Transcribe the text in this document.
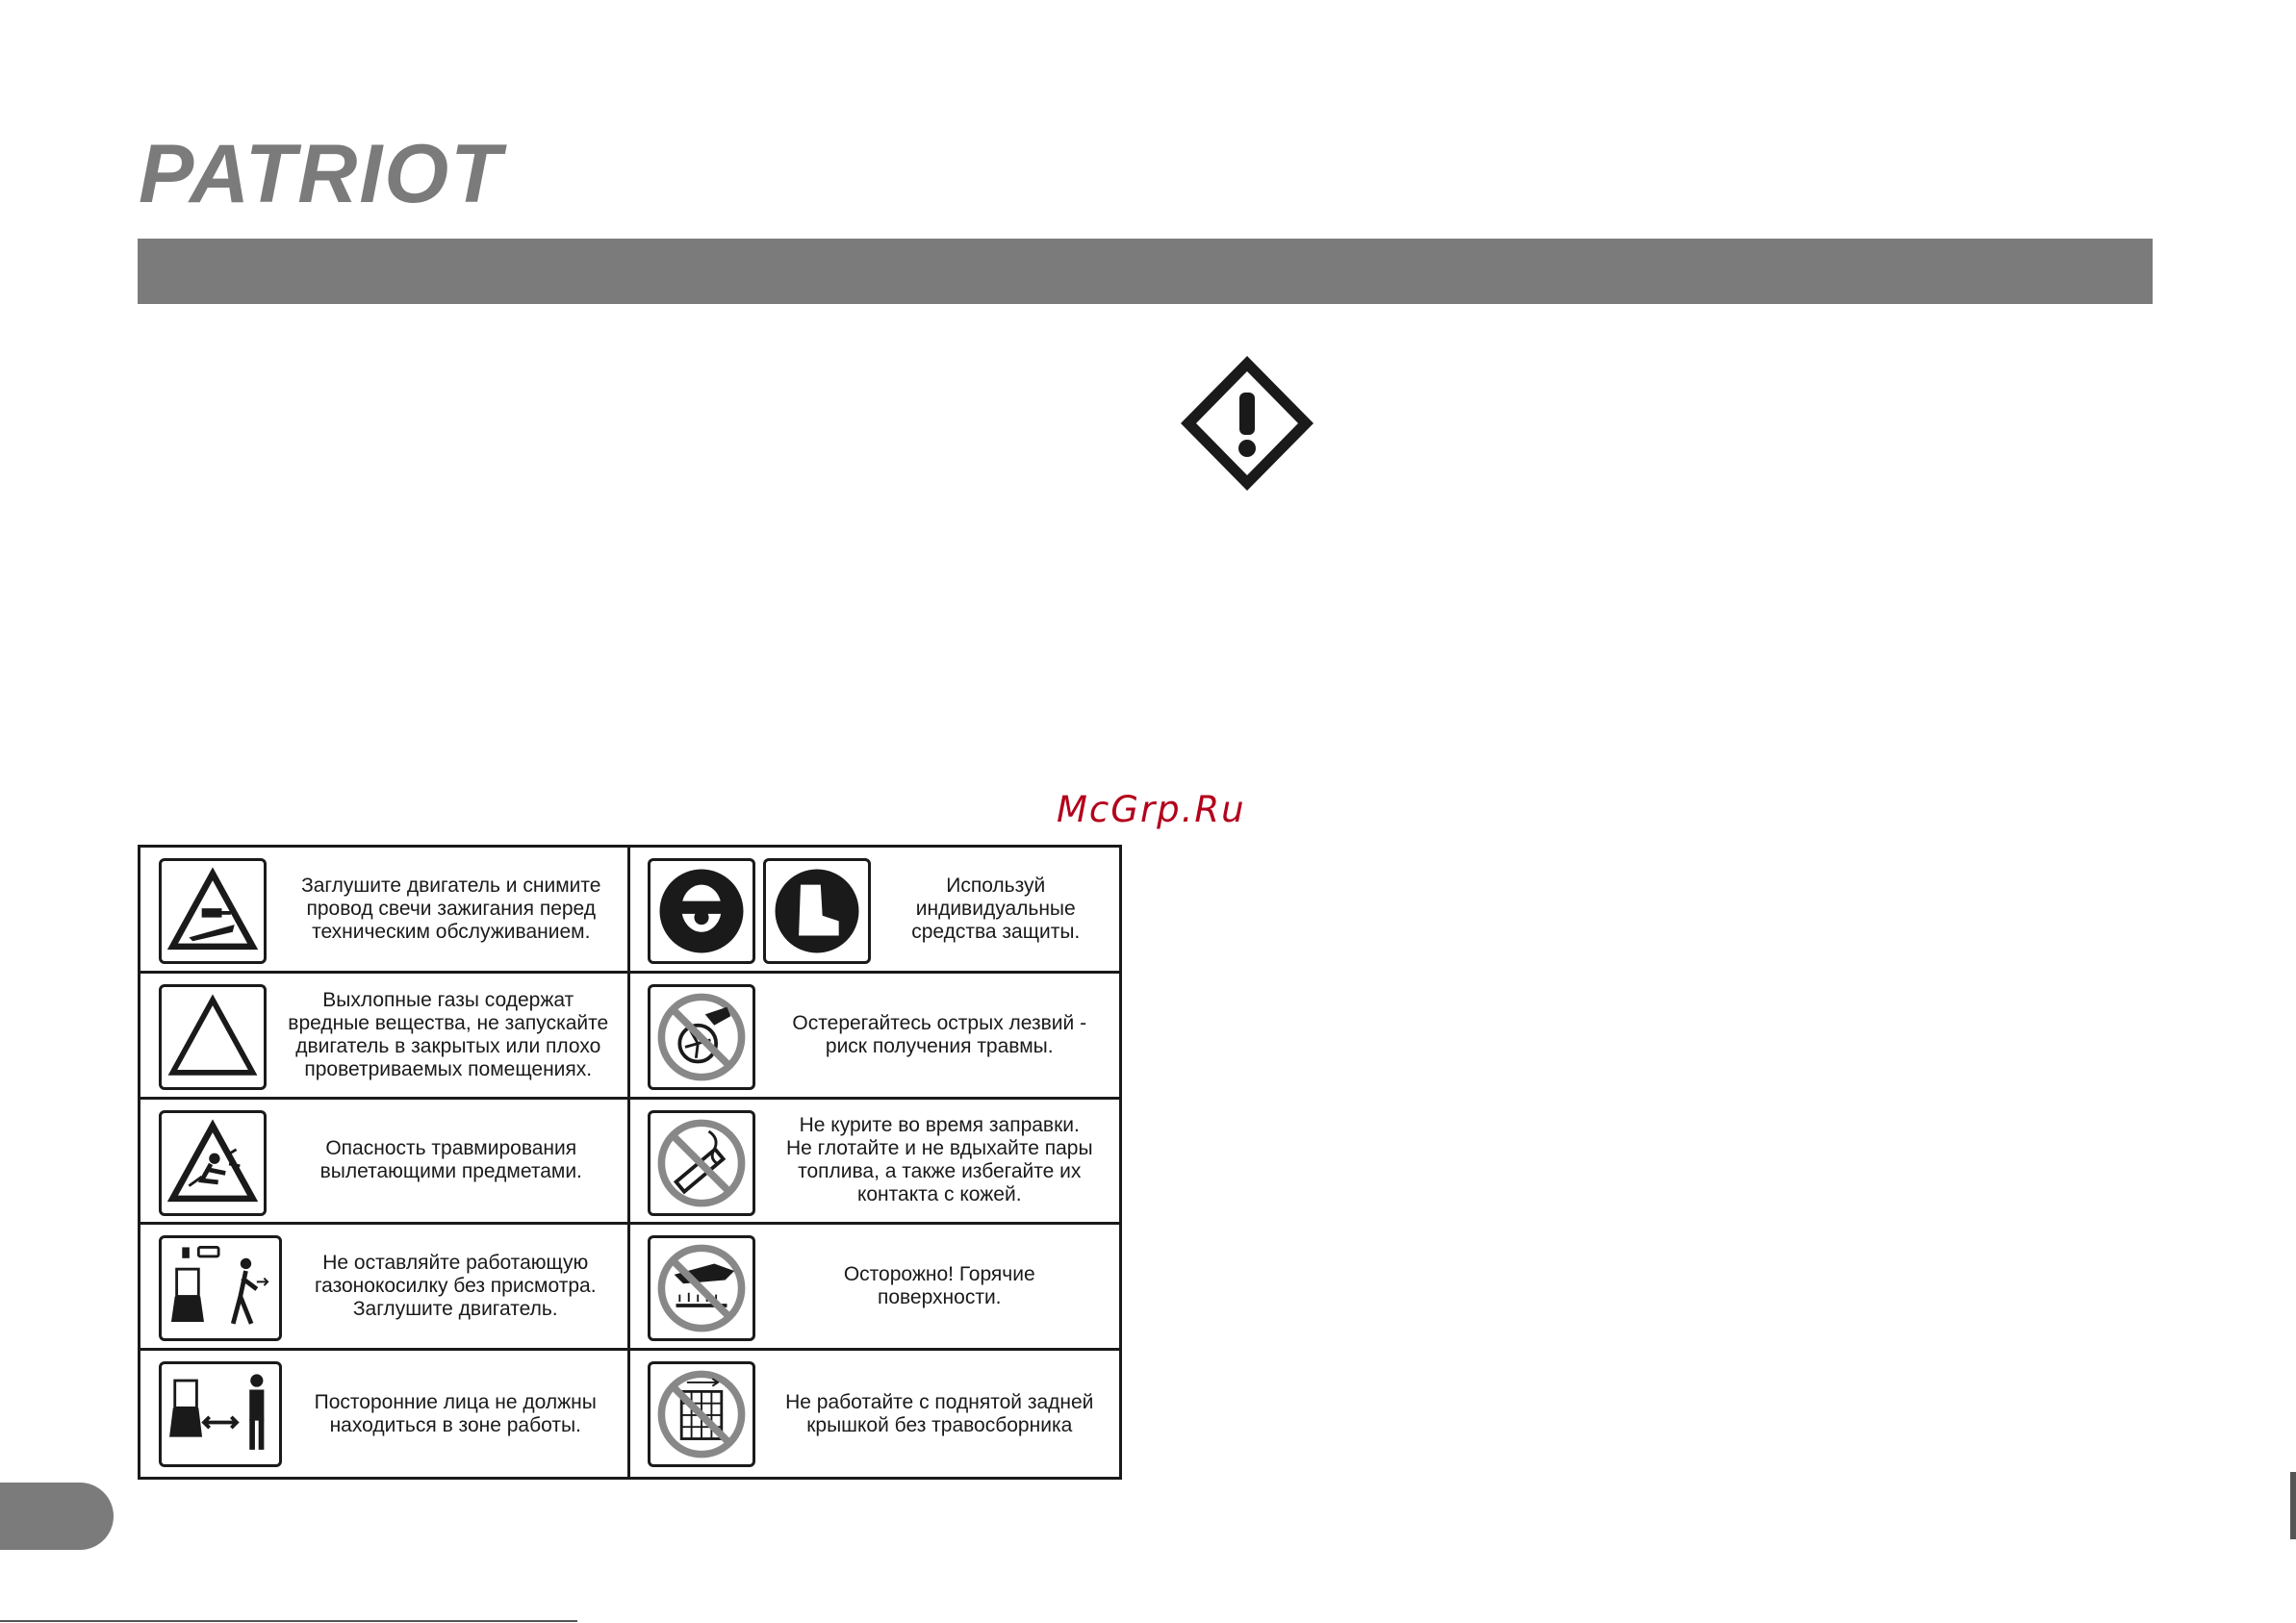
PATRIOT
McGrp.Ru
Заглушите двигатель и снимите
провод свечи зажигания перед
техническим обслуживанием.
Используй
индивидуальные
средства защиты.
Выхлопные газы содержат
вредные вещества, не запускайте
двигатель в закрытых или плохо
проветриваемых помещениях.
Остерегайтесь острых лезвий -
риск получения травмы.
Опасность травмирования
вылетающими предметами.
Не курите во время заправки.
Не глотайте и не вдыхайте пары
топлива, а также избегайте их
контакта с кожей.
Не оставляйте работающую
газонокосилку без присмотра.
Заглушите двигатель.
Осторожно! Горячие
поверхности.
Посторонние лица не должны
находиться в зоне работы.
Не работайте с поднятой задней
крышкой без травосборника
